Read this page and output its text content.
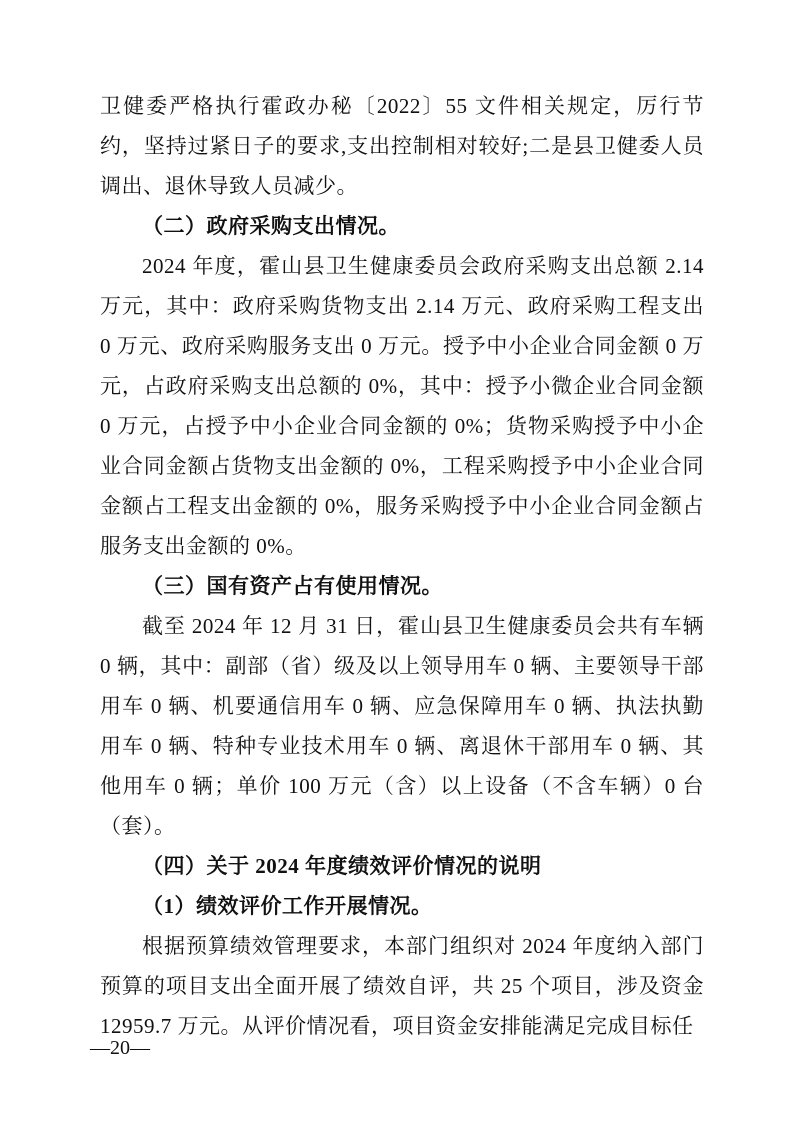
卫健委严格执行霍政办秘〔2022〕55 文件相关规定，厉行节约，坚持过紧日子的要求,支出控制相对较好;二是县卫健委人员调出、退休导致人员减少。

（二）政府采购支出情况。

2024 年度，霍山县卫生健康委员会政府采购支出总额 2.14 万元，其中：政府采购货物支出 2.14 万元、政府采购工程支出 0 万元、政府采购服务支出 0 万元。授予中小企业合同金额 0 万元，占政府采购支出总额的 0%，其中：授予小微企业合同金额 0 万元，占授予中小企业合同金额的 0%；货物采购授予中小企业合同金额占货物支出金额的 0%，工程采购授予中小企业合同金额占工程支出金额的 0%，服务采购授予中小企业合同金额占服务支出金额的 0%。

（三）国有资产占有使用情况。

截至 2024 年 12 月 31 日，霍山县卫生健康委员会共有车辆 0 辆，其中：副部（省）级及以上领导用车 0 辆、主要领导干部用车 0 辆、机要通信用车 0 辆、应急保障用车 0 辆、执法执勤用车 0 辆、特种专业技术用车 0 辆、离退休干部用车 0 辆、其他用车 0 辆；单价 100 万元（含）以上设备（不含车辆）0 台（套）。

（四）关于 2024 年度绩效评价情况的说明

（1）绩效评价工作开展情况。

根据预算绩效管理要求，本部门组织对 2024 年度纳入部门预算的项目支出全面开展了绩效自评，共 25 个项目，涉及资金 12959.7 万元。从评价情况看，项目资金安排能满足完成目标任

—20—
